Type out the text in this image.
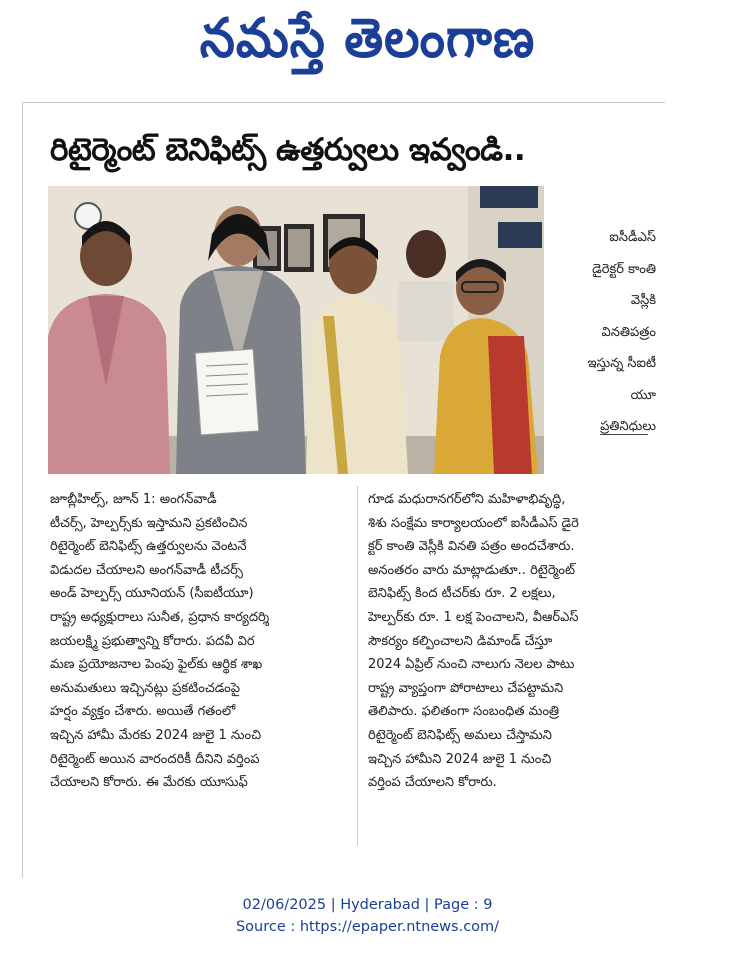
నమస్తే తెలంగాణ
రిటైర్మెంట్ బెనిఫిట్స్ ఉత్తర్వులు ఇవ్వండి..
ఐసీడీఎస్
డైరెక్టర్ కాంతి
వెస్లీకి
వినతిపత్రం
ఇస్తున్న సీఐటీ
యూ
ప్రతినిధులు
జూబ్లీహిల్స్, జూన్ 1: అంగన్‌వాడీ
టీచర్స్, హెల్పర్స్‌కు ఇస్తామని ప్రకటించిన
రిటైర్మెంట్ బెనిఫిట్స్ ఉత్తర్వులను వెంటనే
విడుదల చేయాలని అంగన్‌వాడీ టీచర్స్
అండ్ హెల్పర్స్ యూనియన్ (సీఐటీయూ)
రాష్ట్ర అధ్యక్షురాలు సునీత, ప్రధాన కార్యదర్శి
జయలక్ష్మి ప్రభుత్వాన్ని కోరారు. పదవీ విర
మణ ప్రయోజనాల పెంపు ఫైల్‌కు ఆర్థిక శాఖ
అనుమతులు ఇచ్చినట్లు ప్రకటించడంపై
హర్షం వ్యక్తం చేశారు. అయితే గతంలో
ఇచ్చిన హామీ మేరకు 2024 జులై 1 నుంచి
రిటైర్మెంట్ అయిన వారందరికీ దీనిని వర్తింప
చేయాలని కోరారు. ఈ మేరకు యూసుఫ్
గూడ మధురానగర్‌లోని మహిళాభివృద్ధి,
శిశు సంక్షేమ కార్యాలయంలో ఐసీడీఎస్ డైరె
క్టర్ కాంతి వెస్లీకి వినతి పత్రం అందచేశారు.
అనంతరం వారు మాట్లాడుతూ.. రిటైర్మెంట్
బెనిఫిట్స్ కింద టీచర్‌కు రూ. 2 లక్షలు,
హెల్పర్‌కు రూ. 1 లక్ష పెంచాలని, వీఆర్‌ఎస్
సౌకర్యం కల్పించాలని డిమాండ్ చేస్తూ
2024 ఏప్రిల్ నుంచి నాలుగు నెలల పాటు
రాష్ట్ర వ్యాప్తంగా పోరాటాలు చేపట్టామని
తెలిపారు. ఫలితంగా సంబంధిత మంత్రి
రిటైర్మెంట్ బెనిఫిట్స్ అమలు చేస్తామని
ఇచ్చిన హామీని 2024 జులై 1 నుంచి
వర్తింప చేయాలని కోరారు.
02/06/2025 | Hyderabad | Page : 9
Source : https://epaper.ntnews.com/
